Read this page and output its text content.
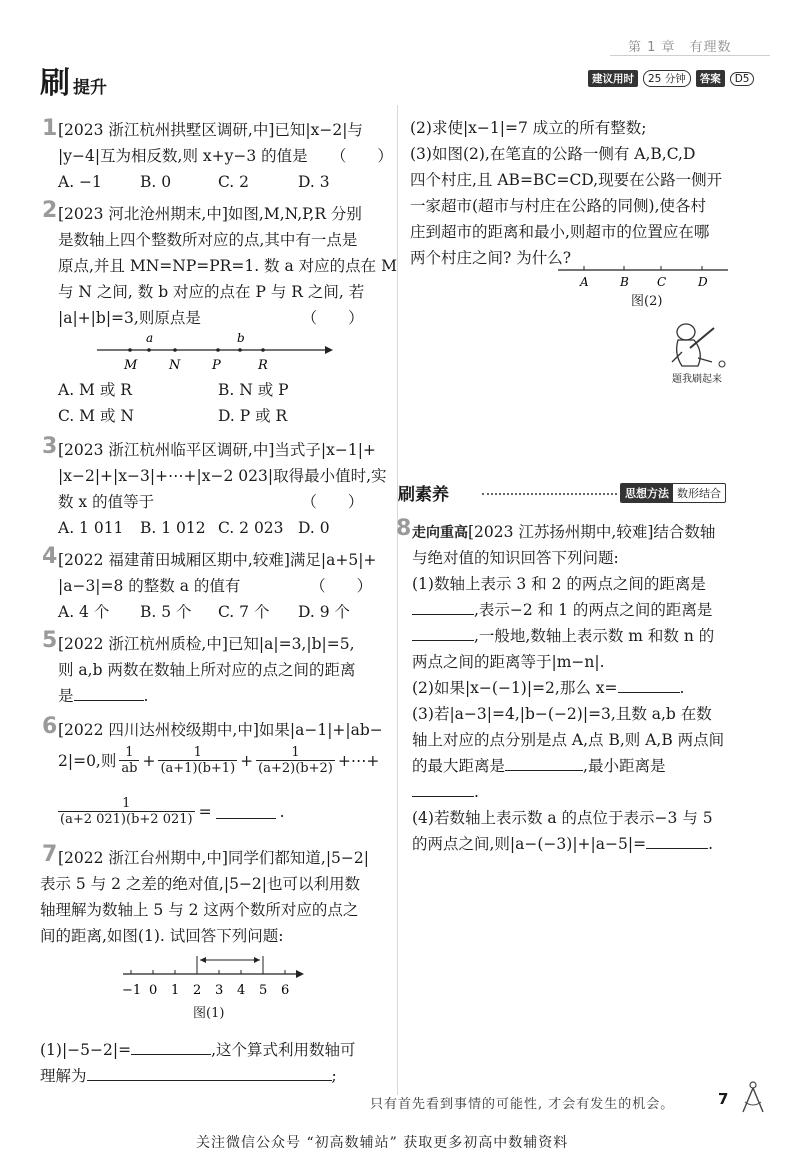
第 1 章　有理数
刷提升	建议用时	25 分钟	答案	D5
1 [2023 浙江杭州拱墅区调研,中]已知|x−2|与
|y−4|互为相反数,则 x+y−3 的值是　　（　　）
A. −1 B. 0	C. 2	D. 3
2 [2023 河北沧州期末,中]如图,M,N,P,R 分别
是数轴上四个整数所对应的点,其中有一点是
原点,并且 MN=NP=PR=1. 数 a 对应的点在 M
与 N 之间, 数 b 对应的点在 P 与 R 之间, 若
|a|+|b|=3,则原点是　　　　　　　（　　）
M N P	R
a	b
A. M 或 R	B. N 或 P
C. M 或 N	D. P 或 R
3 [2023 浙江杭州临平区调研,中]当式子|x−1|+
|x−2|+|x−3|+⋯+|x−2 023|取得最小值时,实
数 x 的值等于　　　　　　　　　　（　　）
A. 1 011 B. 1 012 C. 2 023 D. 0
4 [2022 福建莆田城厢区期中,较难]满足|a+5|+
|a−3|=8 的整数 a 的值有　　　　　（　　）
A. 4 个 B. 5 个 C. 7 个 D. 9 个
5 [2022 浙江杭州质检,中]已知|a|=3,|b|=5,
则 a,b 两数在数轴上所对应的点之间的距离
是	.
6 [2022 四川达州校级期中,中]如果|a−1|+|ab−
2|=0,则 $\frac{1}{ab} + \frac{1}{(a+1)(b+1)} + \frac{1}{(a+2)(b+2)}$ +⋯+
$\frac{1}{(a+2 021)(b+2 021)}$ =	.
7 [2022 浙江台州期中,中]同学们都知道,|5−2|
表示 5 与 2 之差的绝对值,|5−2|也可以利用数
轴理解为数轴上 5 与 2 这两个数所对应的点之
间的距离,如图(1). 试回答下列问题:
−1 0 1 2 3 4 5 6
图(1)
(1)|−5−2|=	,这个算式利用数轴可
理解为	;
(2)求使|x−1|=7 成立的所有整数;
(3)如图(2),在笔直的公路一侧有 A,B,C,D
四个村庄,且 AB=BC=CD,现要在公路一侧开
一家超市(超市与村庄在公路的同侧),使各村
庄到超市的距离和最小,则超市的位置应在哪
两个村庄之间? 为什么?
A	B C	D
图(2)
题我刷起来
刷素养	思想方法 数形结合
8 走向重高[2023 江苏扬州期中,较难]结合数轴
与绝对值的知识回答下列问题:
(1)数轴上表示 3 和 2 的两点之间的距离是
,表示−2 和 1 的两点之间的距离是
,一般地,数轴上表示数 m 和数 n 的
两点之间的距离等于|m−n|.
(2)如果|x−(−1)|=2,那么 x=	.
(3)若|a−3|=4,|b−(−2)|=3,且数 a,b 在数
轴上对应的点分别是点 A,点 B,则 A,B 两点间
的最大距离是	,最小距离是
.
(4)若数轴上表示数 a 的点位于表示−3 与 5
的两点之间,则|a−(−3)|+|a−5|=	.
只有首先看到事情的可能性, 才会有发生的机会。	7
关注微信公众号 “初高数辅站” 获取更多初高中数辅资料
